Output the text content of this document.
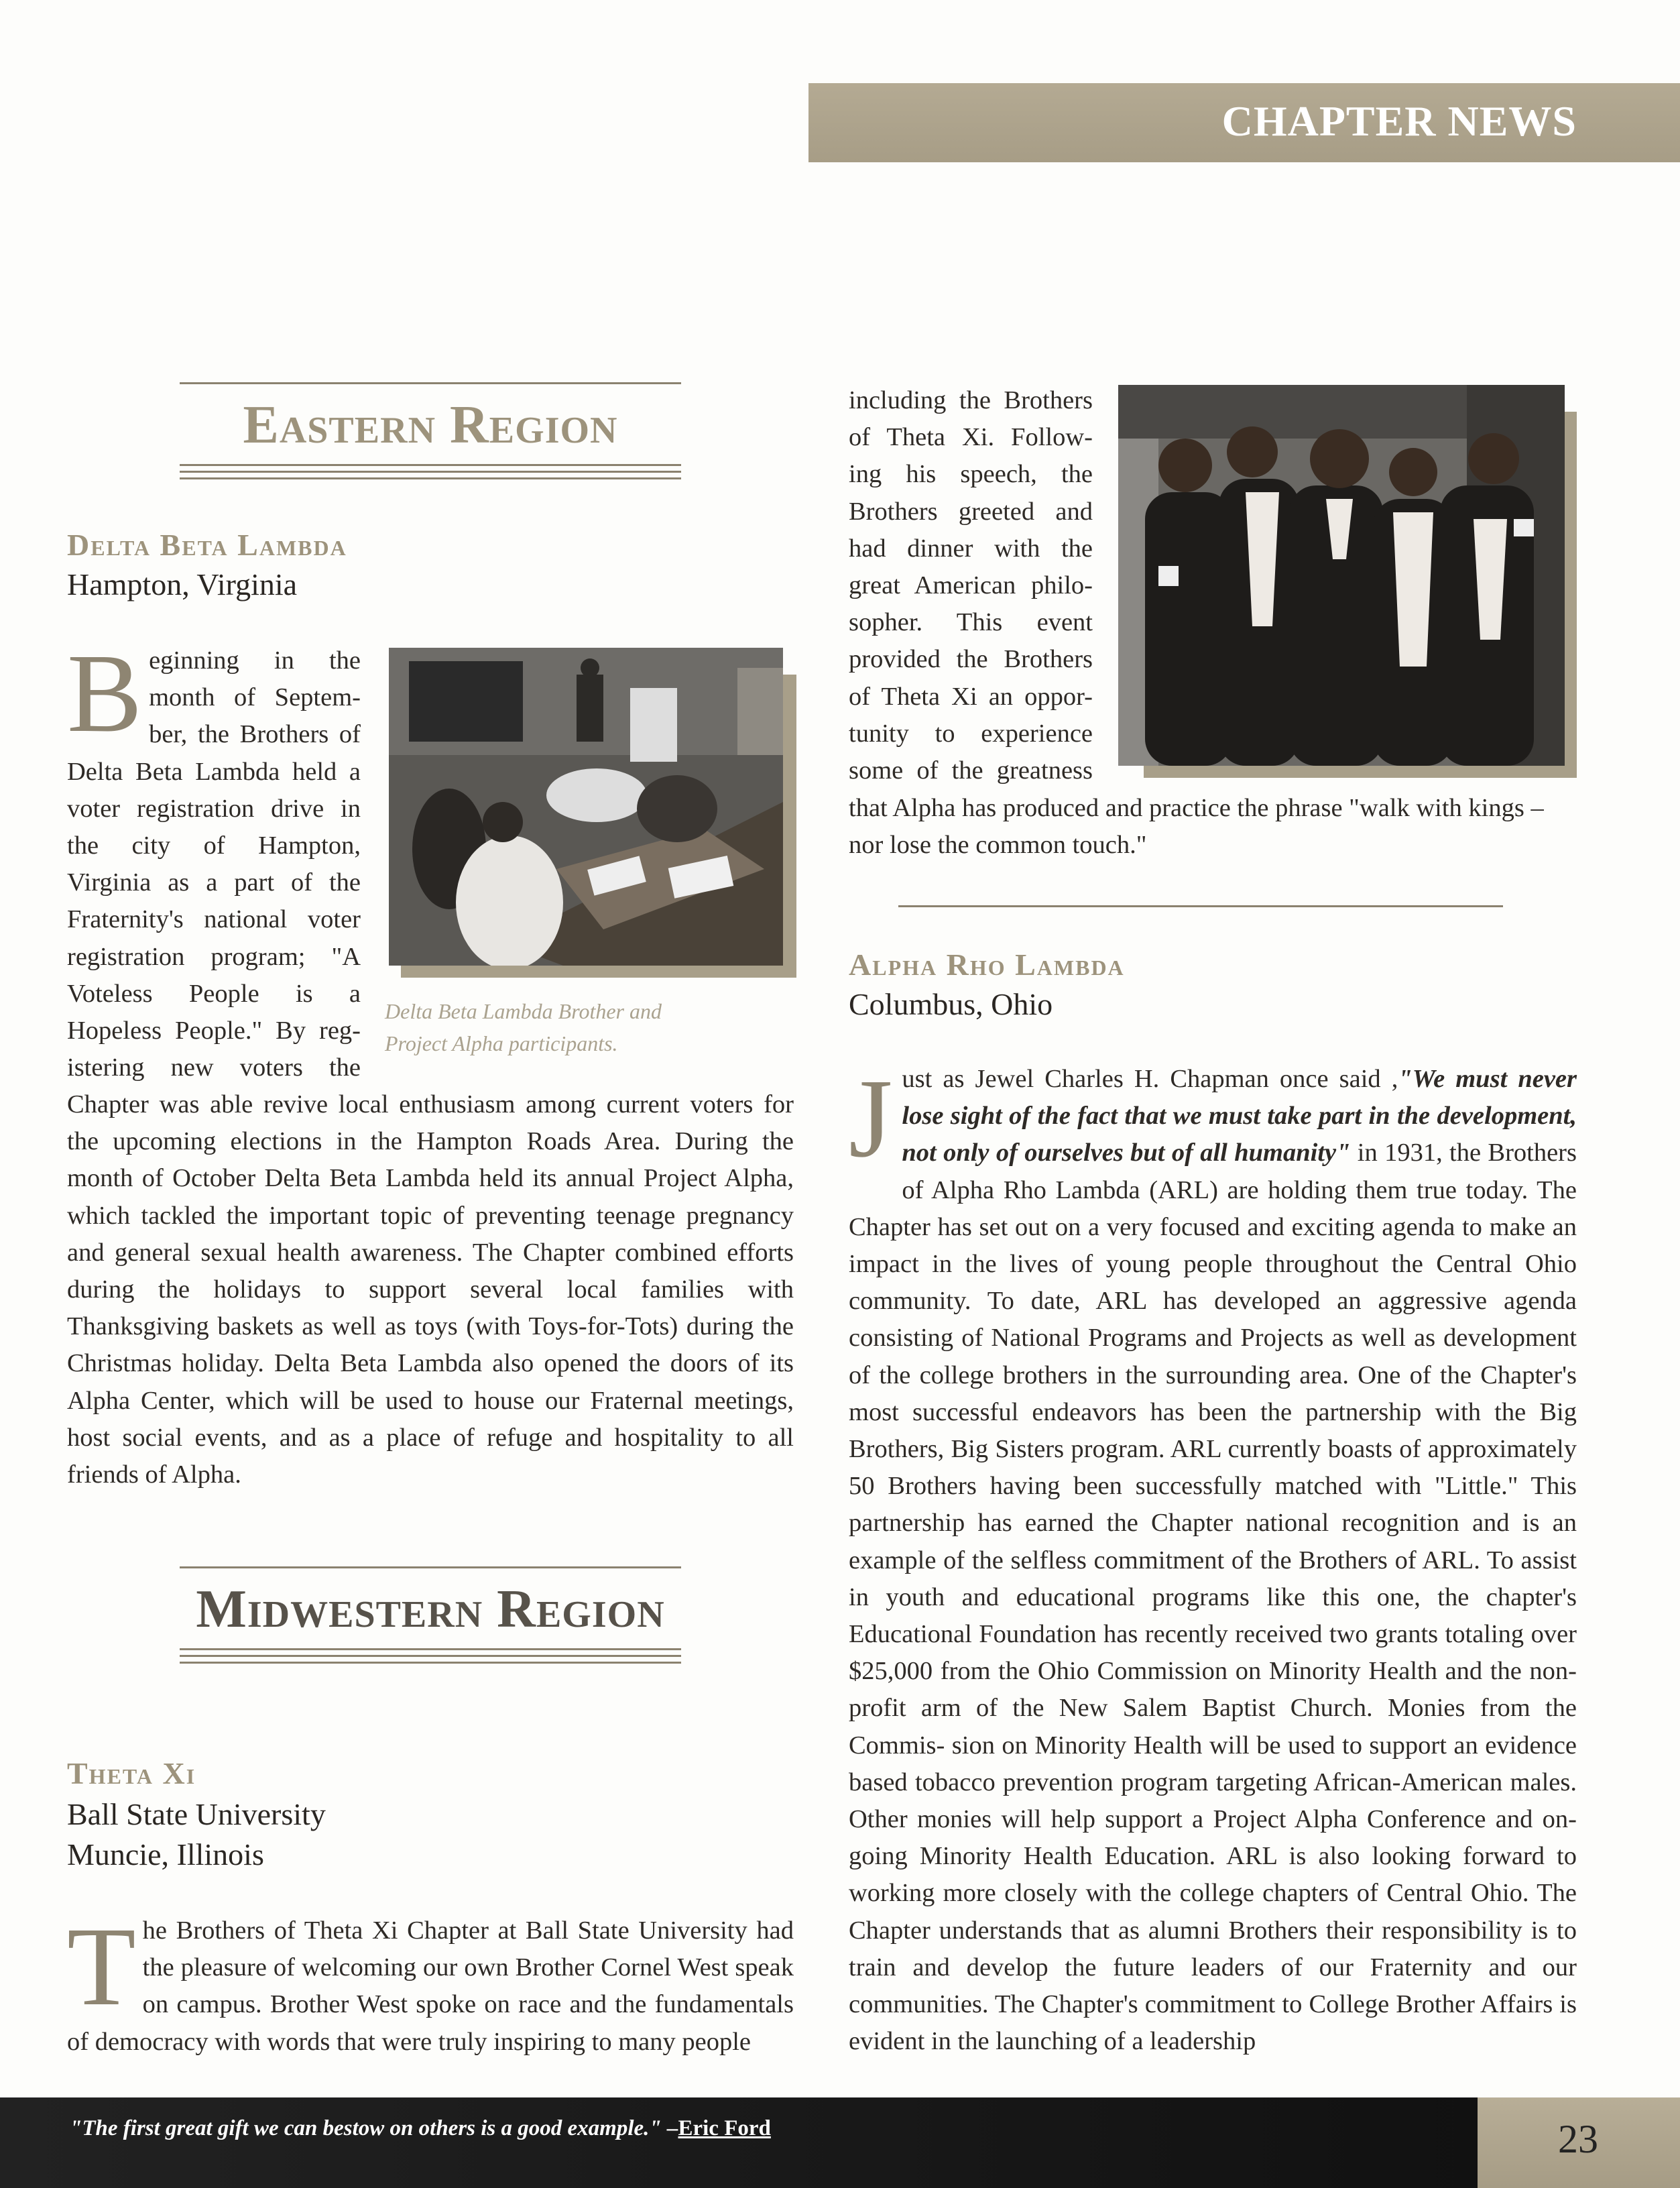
CHAPTER NEWS
Eastern Region
Delta Beta Lambda
Hampton, Virginia
B eginning in the
month of Septem-
ber, the Brothers of
Delta Beta Lambda held a
voter registration drive in
the city of Hampton,
Virginia as a part of the
Fraternity's national voter
registration program; "A
Voteless People is a
Hopeless People." By reg-
istering new voters the
Delta Beta Lambda Brother and
Project Alpha participants.
Chapter was able revive local enthusiasm among current voters for the upcoming elections in the Hampton Roads Area. During the month of October Delta Beta Lambda held its annual Project Alpha, which tackled the important topic of preventing teenage pregnancy and general sexual health awareness. The Chapter combined efforts during the holidays to support several local families with Thanksgiving baskets as well as toys (with Toys-for-Tots) during the Christmas holiday. Delta Beta Lambda also opened the doors of its Alpha Center, which will be used to house our Fraternal meetings, host social events, and as a place of refuge and hospitality to all friends of Alpha.
Midwestern Region
Theta Xi
Ball State University
Muncie, Illinois
T he Brothers of Theta Xi Chapter at Ball State University had the pleasure of welcoming our own Brother Cornel West speak on campus. Brother West spoke on race and the fundamentals of democracy with words that were truly inspiring to many people
including the Brothers
of Theta Xi. Follow-
ing his speech, the
Brothers greeted and
had dinner with the
great American philo-
sopher. This event
provided the Brothers
of Theta Xi an oppor-
tunity to experience
some of the greatness
that Alpha has produced and practice the phrase "walk with kings – nor lose the common touch."
Alpha Rho Lambda
Columbus, Ohio
J ust as Jewel Charles H. Chapman once said ,"We must never lose sight of the fact that we must take part in the development, not only of ourselves but of all humanity" in 1931, the Brothers of Alpha Rho Lambda (ARL) are holding them true today. The Chapter has set out on a very focused and exciting agenda to make an impact in the lives of young people throughout the Central Ohio community. To date, ARL has developed an aggressive agenda consisting of National Programs and Projects as well as development of the college brothers in the surrounding area. One of the Chapter's most successful endeavors has been the partnership with the Big Brothers, Big Sisters program. ARL currently boasts of approximately 50 Brothers having been successfully matched with "Little." This partnership has earned the Chapter national recognition and is an example of the selfless commitment of the Brothers of ARL. To assist in youth and educational programs like this one, the chapter's Educational Foundation has recently received two grants totaling over $25,000 from the Ohio Commission on Minority Health and the non-profit arm of the New Salem Baptist Church. Monies from the Commis- sion on Minority Health will be used to support an evidence based tobacco prevention program targeting African-American males. Other monies will help support a Project Alpha Conference and on-going Minority Health Education. ARL is also looking forward to working more closely with the college chapters of Central Ohio. The Chapter understands that as alumni Brothers their responsibility is to train and develop the future leaders of our Fraternity and our communities. The Chapter's commitment to College Brother Affairs is evident in the launching of a leadership
"The first great gift we can bestow on others is a good example." –Eric Ford	23
